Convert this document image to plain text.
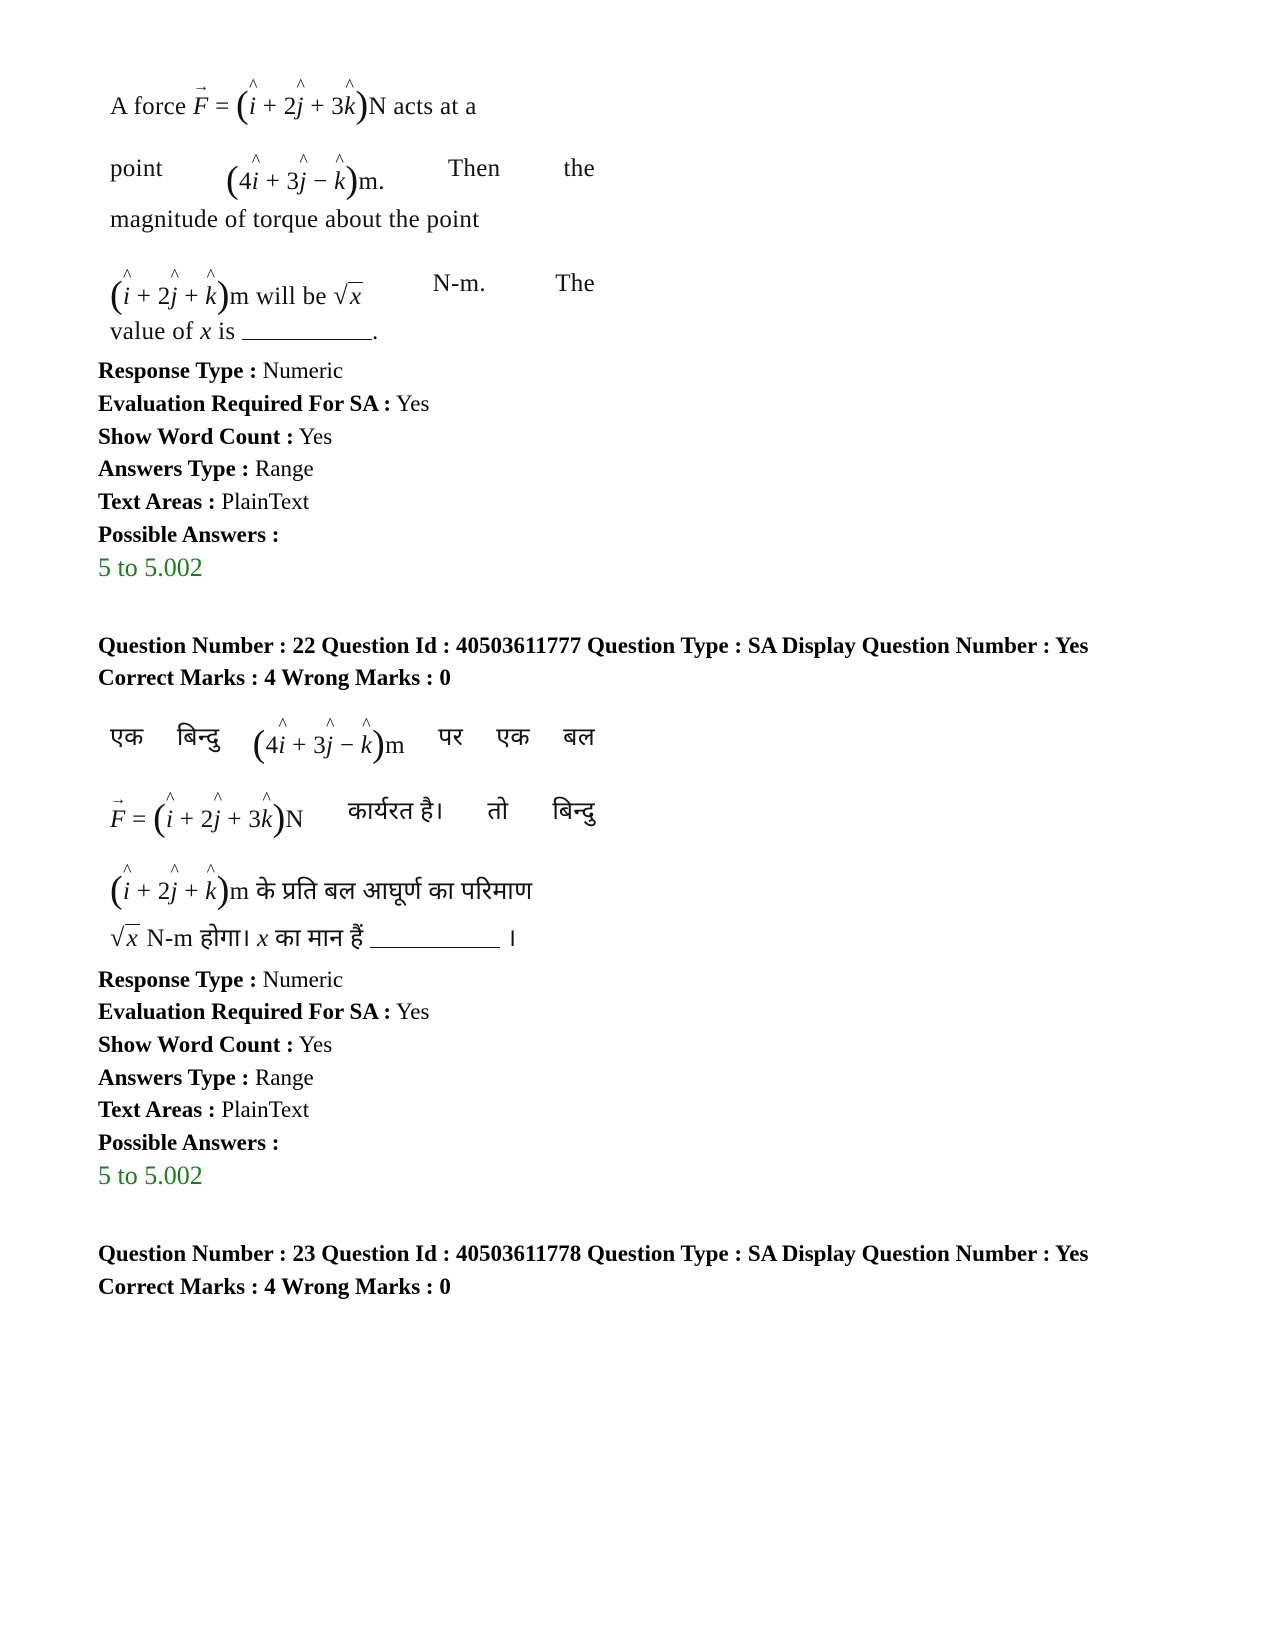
A force
→
F = ( ^
i + 2
^
j + 3
^
k)N acts at a
point (4
^
i + 3
^
j −
^
k)m.	Then	the
magnitude of torque about the point
( ^
i + 2
^
j +
^
k)m will be √x	N-m.	The
value of x is	.
Response Type : Numeric
Evaluation Required For SA : Yes
Show Word Count : Yes
Answers Type : Range
Text Areas : PlainText
Possible Answers :
5 to 5.002
Question Number : 22 Question Id : 40503611777 Question Type : SA Display Question Number : Yes
Correct Marks : 4 Wrong Marks : 0
एक बिन्दु (4
^
i + 3
^
j −
^
k)m पर एक बल
→
F = ( ^
i + 2
^
j + 3
^
k)N कार्यरत है। तो बिन्दु
( ^
i + 2
^
j +
^
k)m के प्रति बल आघूर्ण का परिमाण
√x N-m होगा। x का मान हैं	।
Response Type : Numeric
Evaluation Required For SA : Yes
Show Word Count : Yes
Answers Type : Range
Text Areas : PlainText
Possible Answers :
5 to 5.002
Question Number : 23 Question Id : 40503611778 Question Type : SA Display Question Number : Yes
Correct Marks : 4 Wrong Marks : 0
